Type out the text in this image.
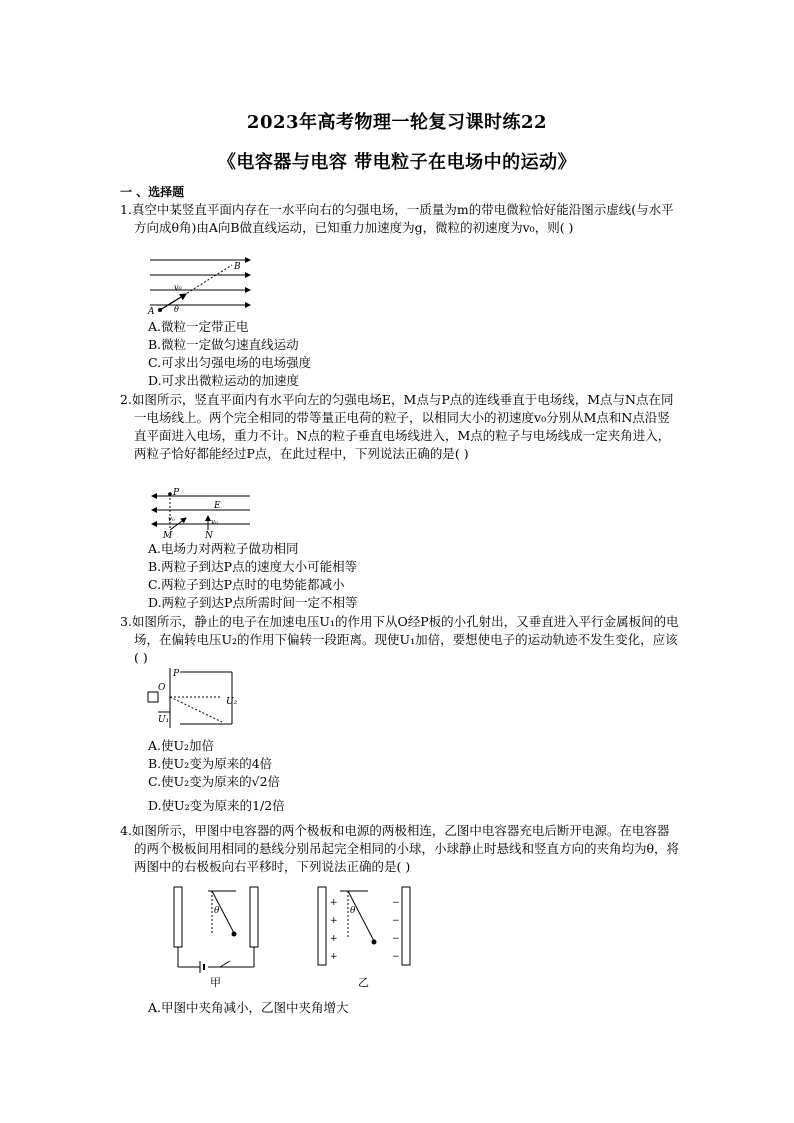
2023年高考物理一轮复习课时练22
《电容器与电容 带电粒子在电场中的运动》
一 、选择题

1.真空中某竖直平面内存在一水平向右的匀强电场，一质量为m的带电微粒恰好能沿图示虚线(与水平方向成θ角)由A向B做直线运动，已知重力加速度为g，微粒的初速度为v₀，则( )

A
B
v₀
θ
A.微粒一定带正电
B.微粒一定做匀速直线运动
C.可求出匀强电场的电场强度
D.可求出微粒运动的加速度

2.如图所示，竖直平面内有水平向左的匀强电场E，M点与P点的连线垂直于电场线，M点与N点在同一电场线上。两个完全相同的带等量正电荷的粒子，以相同大小的初速度v₀分别从M点和N点沿竖直平面进入电场，重力不计。N点的粒子垂直电场线进入，M点的粒子与电场线成一定夹角进入，两粒子恰好都能经过P点，在此过程中，下列说法正确的是( )

P
E
v₀	v₀
M	N
A.电场力对两粒子做功相同
B.两粒子到达P点的速度大小可能相等
C.两粒子到达P点时的电势能都减小
D.两粒子到达P点所需时间一定不相等

3.如图所示，静止的电子在加速电压U₁的作用下从O经P板的小孔射出，又垂直进入平行金属板间的电场，在偏转电压U₂的作用下偏转一段距离。现使U₁加倍，要想使电子的运动轨迹不发生变化，应该( )

P
O
U₂
U₁
A.使U₂加倍
B.使U₂变为原来的4倍
C.使U₂变为原来的√2倍
D.使U₂变为原来的1/2倍

4.如图所示，甲图中电容器的两个极板和电源的两极相连，乙图中电容器充电后断开电源。在电容器的两个极板间用相同的悬线分别吊起完全相同的小球，小球静止时悬线和竖直方向的夹角均为θ，将两图中的右极板向右平移时，下列说法正确的是( )

θ
甲
+
+
+
+
−
−
−
−
θ
乙
A.甲图中夹角减小，乙图中夹角增大
